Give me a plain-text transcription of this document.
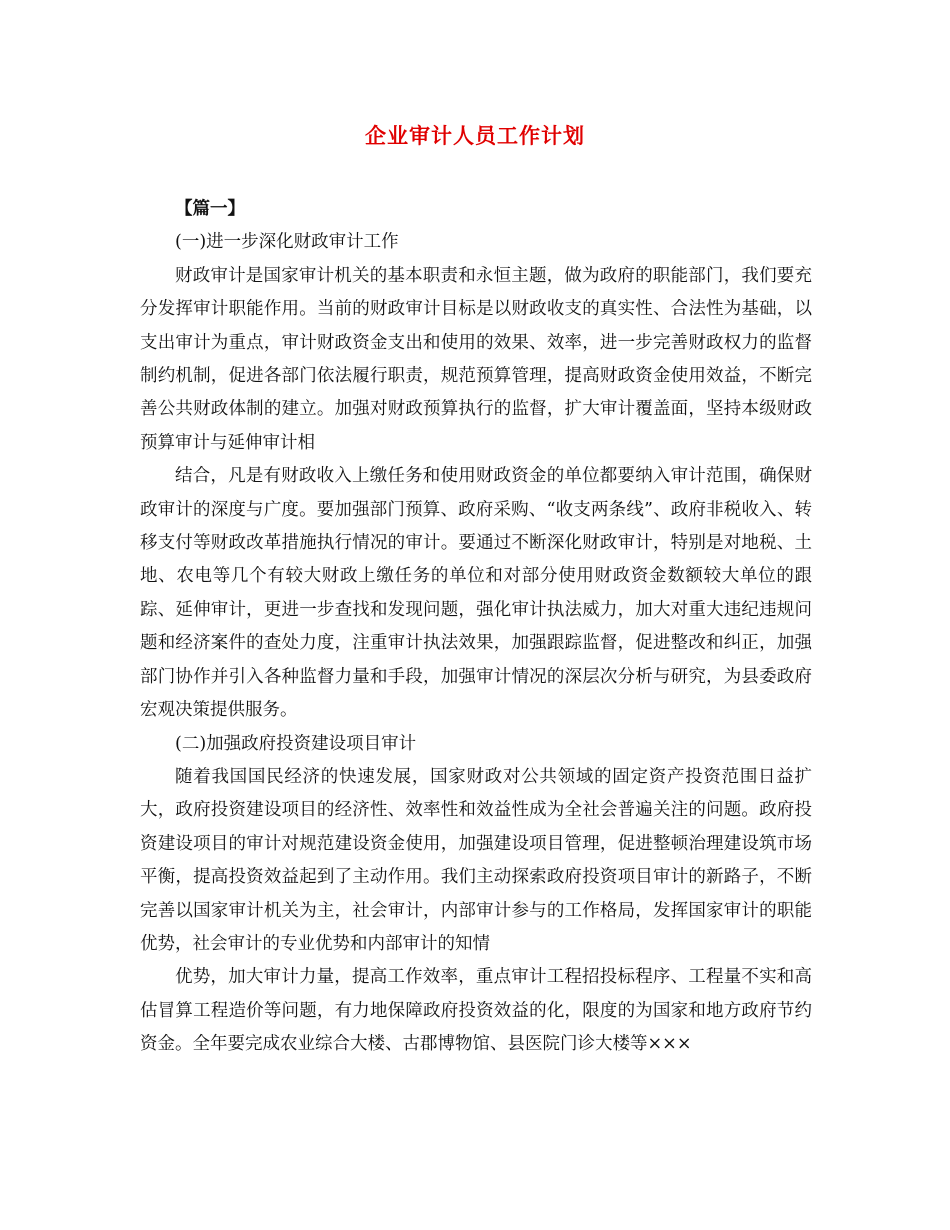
企业审计人员工作计划

【篇一】

(一)进一步深化财政审计工作

财政审计是国家审计机关的基本职责和永恒主题，做为政府的职能部门，我们要充分发挥审计职能作用。当前的财政审计目标是以财政收支的真实性、合法性为基础，以支出审计为重点，审计财政资金支出和使用的效果、效率，进一步完善财政权力的监督制约机制，促进各部门依法履行职责，规范预算管理，提高财政资金使用效益，不断完善公共财政体制的建立。加强对财政预算执行的监督，扩大审计覆盖面，坚持本级财政预算审计与延伸审计相

结合，凡是有财政收入上缴任务和使用财政资金的单位都要纳入审计范围，确保财政审计的深度与广度。要加强部门预算、政府采购、“收支两条线”、政府非税收入、转移支付等财政改革措施执行情况的审计。要通过不断深化财政审计，特别是对地税、土地、农电等几个有较大财政上缴任务的单位和对部分使用财政资金数额较大单位的跟踪、延伸审计，更进一步查找和发现问题，强化审计执法威力，加大对重大违纪违规问题和经济案件的查处力度，注重审计执法效果，加强跟踪监督，促进整改和纠正，加强部门协作并引入各种监督力量和手段，加强审计情况的深层次分析与研究，为县委政府宏观决策提供服务。

(二)加强政府投资建设项目审计

随着我国国民经济的快速发展，国家财政对公共领域的固定资产投资范围日益扩大，政府投资建设项目的经济性、效率性和效益性成为全社会普遍关注的问题。政府投资建设项目的审计对规范建设资金使用，加强建设项目管理，促进整顿治理建设筑市场平衡，提高投资效益起到了主动作用。我们主动探索政府投资项目审计的新路子，不断完善以国家审计机关为主，社会审计，内部审计参与的工作格局，发挥国家审计的职能优势，社会审计的专业优势和内部审计的知情

优势，加大审计力量，提高工作效率，重点审计工程招投标程序、工程量不实和高估冒算工程造价等问题，有力地保障政府投资效益的化，限度的为国家和地方政府节约资金。全年要完成农业综合大楼、古郡博物馆、县医院门诊大楼等×××
